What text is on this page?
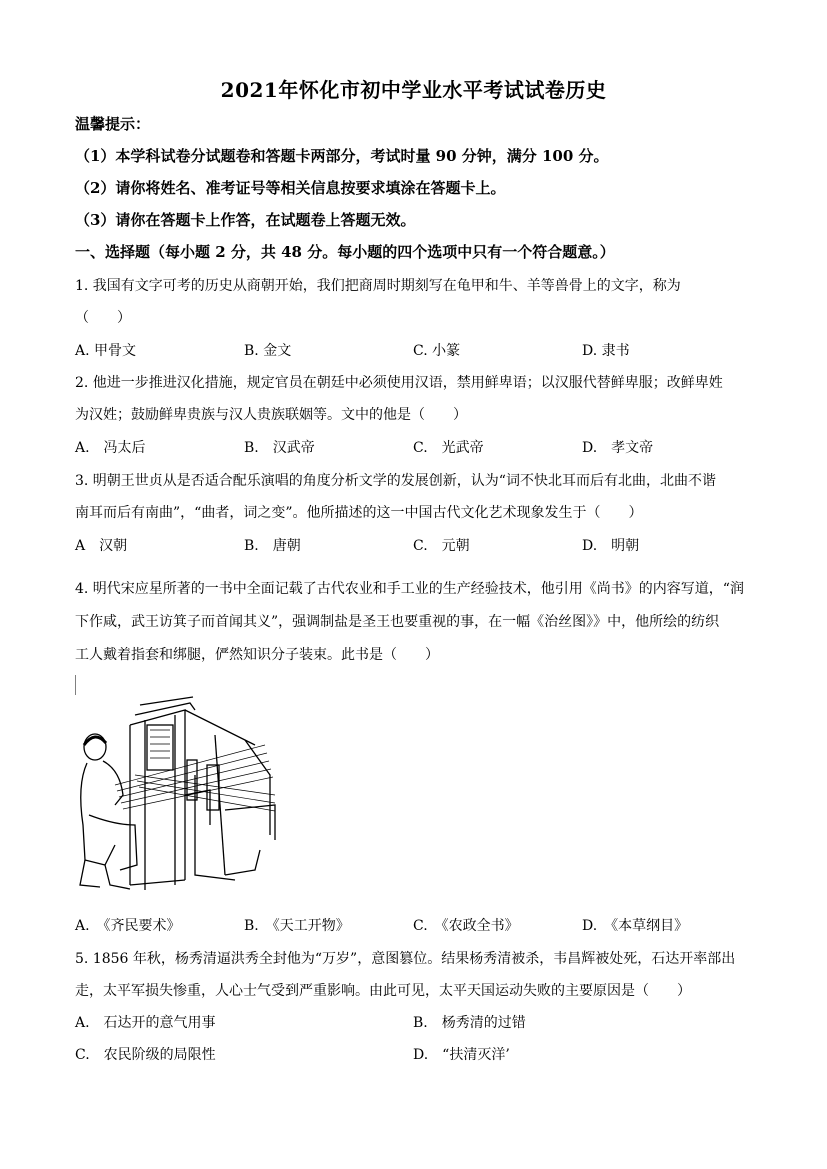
2021年怀化市初中学业水平考试试卷历史
温馨提示：
（1）本学科试卷分试题卷和答题卡两部分，考试时量 90 分钟，满分 100 分。
（2）请你将姓名、准考证号等相关信息按要求填涂在答题卡上。
（3）请你在答题卡上作答，在试题卷上答题无效。
一、选择题（每小题 2 分，共 48 分。每小题的四个选项中只有一个符合题意。）
1. 我国有文字可考的历史从商朝开始，我们把商周时期刻写在龟甲和牛、羊等兽骨上的文字，称为
（　　）
A. 甲骨文	B. 金文	C. 小篆	D. 隶书
2. 他进一步推进汉化措施，规定官员在朝廷中必须使用汉语，禁用鲜卑语；以汉服代替鲜卑服；改鲜卑姓
为汉姓；鼓励鲜卑贵族与汉人贵族联姻等。文中的他是（　　）
A.　冯太后	B.　汉武帝	C.　光武帝	D.　孝文帝
3. 明朝王世贞从是否适合配乐演唱的角度分析文学的发展创新，认为“词不快北耳而后有北曲，北曲不谐
南耳而后有南曲”，“曲者，词之变”。他所描述的这一中国古代文化艺术现象发生于（　　）
A　汉朝	B.　唐朝	C.　元朝	D.　明朝
4. 明代宋应星所著的一书中全面记载了古代农业和手工业的生产经验技术，他引用《尚书》的内容写道，“润
下作咸，武王访箕子而首闻其义”，强调制盐是圣王也要重视的事，在一幅《治丝图》》中，他所绘的纺织
工人戴着指套和绑腿，俨然知识分子装束。此书是（　　）
A.　《齐民要术》	B.　《天工开物》	C.　《农政全书》	D.　《本草纲目》
5. 1856 年秋，杨秀清逼洪秀全封他为“万岁”，意图篡位。结果杨秀清被杀，韦昌辉被处死，石达开率部出
走，太平军损失惨重，人心士气受到严重影响。由此可见，太平天国运动失败的主要原因是（　　）
A.　石达开的意气用事	B.　杨秀清的过错
C.　农民阶级的局限性	D.　“扶清灭洋’
